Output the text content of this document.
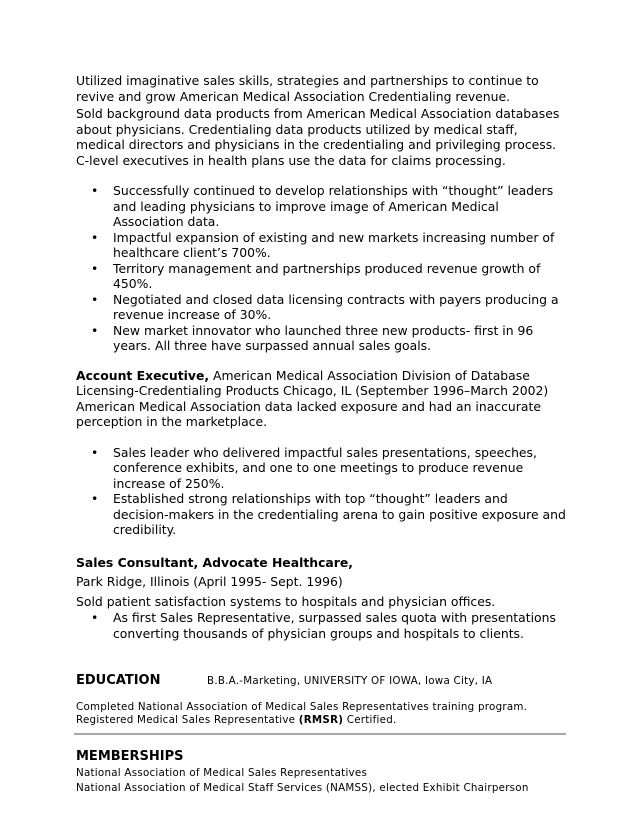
Utilized imaginative sales skills, strategies and partnerships to continue to revive and grow American Medical Association Credentialing revenue.

Sold background data products from American Medical Association databases about physicians. Credentialing data products utilized by medical staff, medical directors and physicians in the credentialing and privileging process. C-level executives in health plans use the data for claims processing.

• Successfully continued to develop relationships with “thought” leaders and leading physicians to improve image of American Medical Association data.
• Impactful expansion of existing and new markets increasing number of healthcare client’s 700%.
• Territory management and partnerships produced revenue growth of 450%.
• Negotiated and closed data licensing contracts with payers producing a revenue increase of 30%.
• New market innovator who launched three new products- first in 96 years. All three have surpassed annual sales goals.

Account Executive, American Medical Association Division of Database Licensing-Credentialing Products Chicago, IL (September 1996–March 2002)

American Medical Association data lacked exposure and had an inaccurate perception in the marketplace.

• Sales leader who delivered impactful sales presentations, speeches, conference exhibits, and one to one meetings to produce revenue increase of 250%.
• Established strong relationships with top “thought” leaders and decision-makers in the credentialing arena to gain positive exposure and credibility.

Sales Consultant, Advocate Healthcare,

Park Ridge, Illinois (April 1995- Sept. 1996)

Sold patient satisfaction systems to hospitals and physician offices.

• As first Sales Representative, surpassed sales quota with presentations converting thousands of physician groups and hospitals to clients.
EDUCATION	B.B.A.-Marketing, UNIVERSITY OF IOWA, Iowa City, IA

Completed National Association of Medical Sales Representatives training program.

Registered Medical Sales Representative (RMSR) Certified.

MEMBERSHIPS

National Association of Medical Sales Representatives

National Association of Medical Staff Services (NAMSS), elected Exhibit Chairperson
